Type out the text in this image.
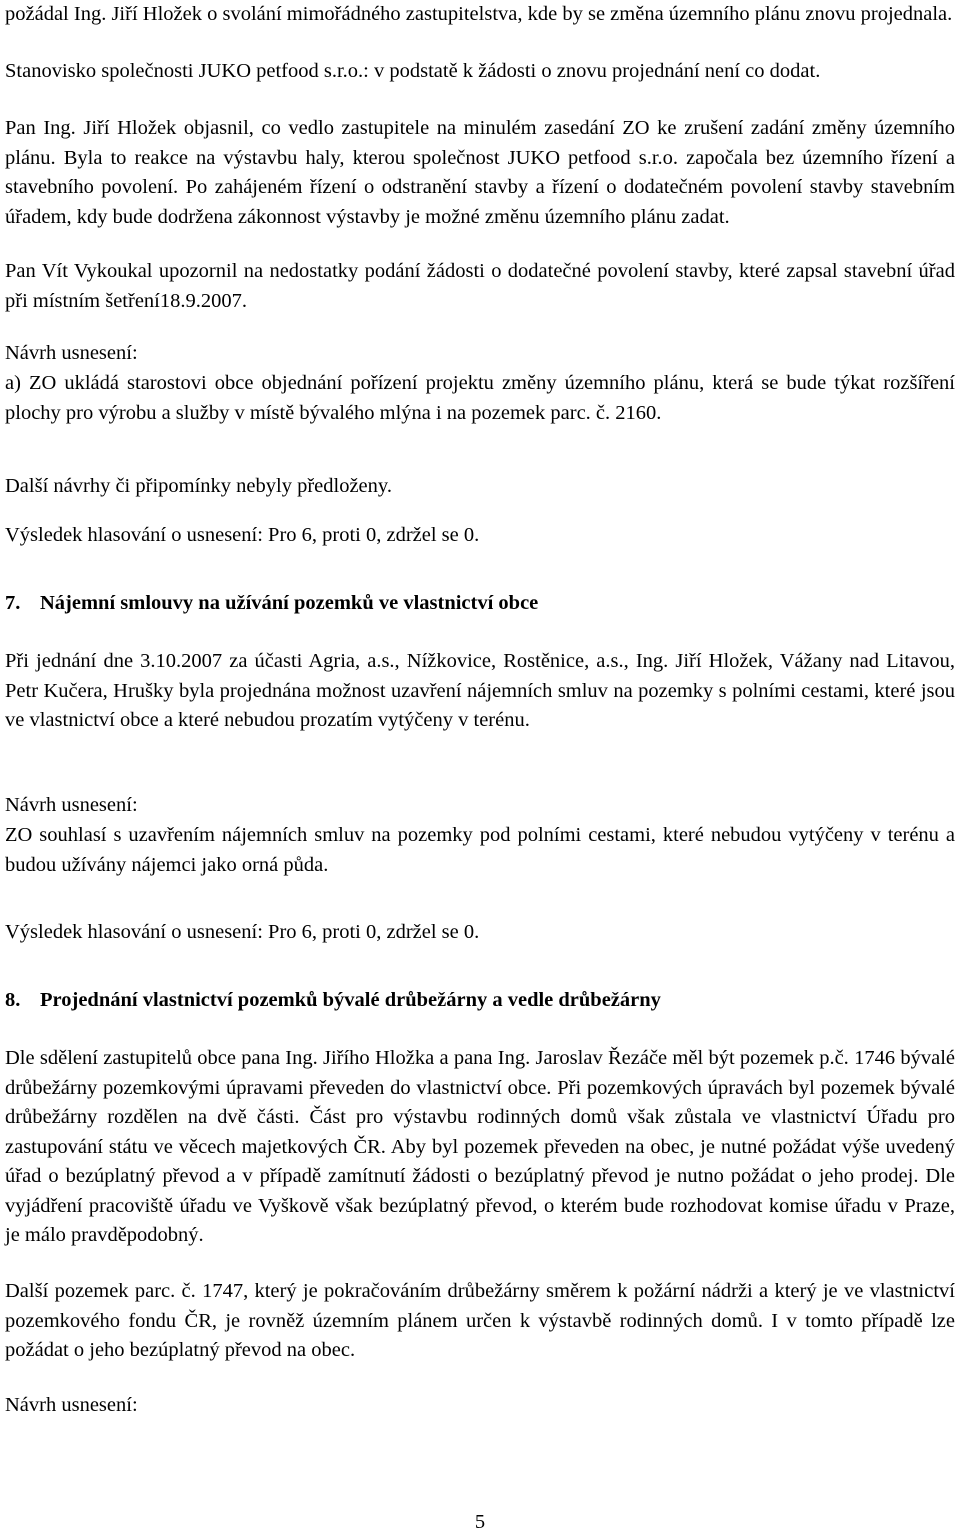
požádal Ing. Jiří Hložek o svolání mimořádného zastupitelstva, kde by se změna územního plánu znovu projednala.

Stanovisko společnosti JUKO petfood s.r.o.: v podstatě k žádosti o znovu projednání není co dodat.

Pan Ing. Jiří Hložek objasnil, co vedlo zastupitele na minulém zasedání ZO ke zrušení zadání změny územního plánu. Byla to reakce na výstavbu haly, kterou společnost JUKO petfood s.r.o. započala bez územního řízení a stavebního povolení. Po zahájeném řízení o odstranění stavby a řízení o dodatečném povolení stavby stavebním úřadem, kdy bude dodržena zákonnost výstavby je možné změnu územního plánu zadat.

Pan Vít Vykoukal upozornil na nedostatky podání žádosti o dodatečné povolení stavby, které zapsal stavební úřad při místním šetření18.9.2007.

Návrh usnesení:

a) ZO ukládá starostovi obce objednání pořízení projektu změny územního plánu, která se bude týkat rozšíření plochy pro výrobu a služby v místě bývalého mlýna i na pozemek parc. č. 2160.

Další návrhy či připomínky nebyly předloženy.

Výsledek hlasování o usnesení: Pro 6, proti 0, zdržel se 0.

7. Nájemní smlouvy na užívání pozemků ve vlastnictví obce

Při jednání dne 3.10.2007 za účasti Agria, a.s., Nížkovice, Rostěnice, a.s., Ing. Jiří Hložek, Vážany nad Litavou, Petr Kučera, Hrušky byla projednána možnost uzavření nájemních smluv na pozemky s polními cestami, které jsou ve vlastnictví obce a které nebudou prozatím vytýčeny v terénu.

Návrh usnesení:

ZO souhlasí s uzavřením nájemních smluv na pozemky pod polními cestami, které nebudou vytýčeny v terénu a budou užívány nájemci jako orná půda.

Výsledek hlasování o usnesení: Pro 6, proti 0, zdržel se 0.

8. Projednání vlastnictví pozemků bývalé drůbežárny a vedle drůbežárny

Dle sdělení zastupitelů obce pana Ing. Jiřího Hložka a pana Ing. Jaroslav Řezáče měl být pozemek p.č. 1746 bývalé drůbežárny pozemkovými úpravami převeden do vlastnictví obce. Při pozemkových úpravách byl pozemek bývalé drůbežárny rozdělen na dvě části. Část pro výstavbu rodinných domů však zůstala ve vlastnictví Úřadu pro zastupování státu ve věcech majetkových ČR. Aby byl pozemek převeden na obec, je nutné požádat výše uvedený úřad o bezúplatný převod a v případě zamítnutí žádosti o bezúplatný převod je nutno požádat o jeho prodej. Dle vyjádření pracoviště úřadu ve Vyškově však bezúplatný převod, o kterém bude rozhodovat komise úřadu v Praze, je málo pravděpodobný.

Další pozemek parc. č. 1747, který je pokračováním drůbežárny směrem k požární nádrži a který je ve vlastnictví pozemkového fondu ČR, je rovněž územním plánem určen k výstavbě rodinných domů. I v tomto případě lze požádat o jeho bezúplatný převod na obec.

Návrh usnesení:

5
